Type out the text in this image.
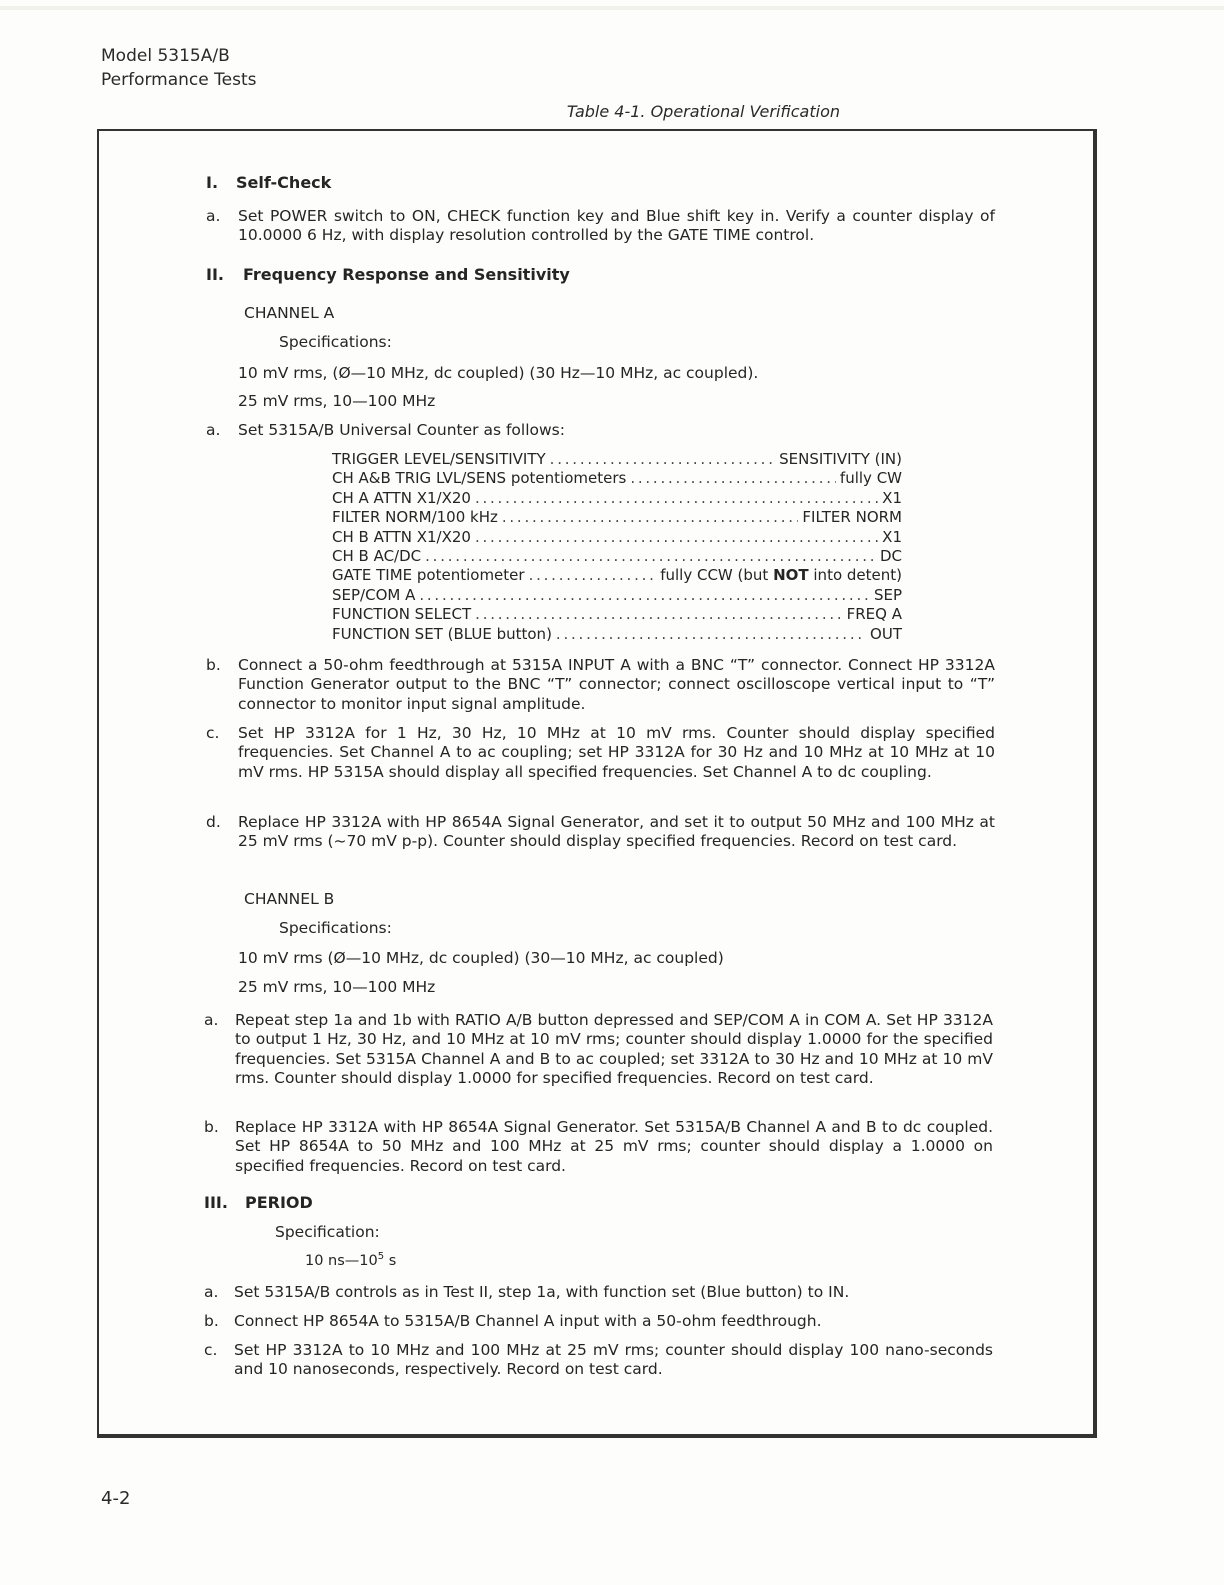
Model 5315A/B
Performance Tests
Table 4-1. Operational Verification
I. Self-Check
a. Set POWER switch to ON, CHECK function key and Blue shift key in. Verify a counter display of 10.0000 6 Hz, with display resolution controlled by the GATE TIME control.
II. Frequency Response and Sensitivity
CHANNEL A
Specifications:
10 mV rms, (Ø—10 MHz, dc coupled) (30 Hz—10 MHz, ac coupled).
25 mV rms, 10—100 MHz
a. Set 5315A/B Universal Counter as follows:
TRIGGER LEVEL/SENSITIVITY . . .	SENSITIVITY (IN)
CH A&B TRIG LVL/SENS potentiometers . . .	fully CW
CH A ATTN X1/X20 . . .	X1
FILTER NORM/100 kHz . . .	FILTER NORM
CH B ATTN X1/X20 . . .	X1
CH B AC/DC . . .	DC
GATE TIME potentiometer . . .	fully CCW (but NOT into detent)
SEP/COM A . . .	SEP
FUNCTION SELECT . . .	FREQ A
FUNCTION SET (BLUE button) . . .	OUT
b. Connect a 50-ohm feedthrough at 5315A INPUT A with a BNC “T” connector. Connect HP 3312A Function Generator output to the BNC “T” connector; connect oscilloscope vertical input to “T” connector to monitor input signal amplitude.
c. Set HP 3312A for 1 Hz, 30 Hz, 10 MHz at 10 mV rms. Counter should display specified frequencies. Set Channel A to ac coupling; set HP 3312A for 30 Hz and 10 MHz at 10 MHz at 10 mV rms. HP 5315A should display all specified frequencies. Set Channel A to dc coupling.
d. Replace HP 3312A with HP 8654A Signal Generator, and set it to output 50 MHz and 100 MHz at 25 mV rms (~70 mV p-p). Counter should display specified frequencies. Record on test card.
CHANNEL B
Specifications:
10 mV rms (Ø—10 MHz, dc coupled) (30—10 MHz, ac coupled)
25 mV rms, 10—100 MHz
a. Repeat step 1a and 1b with RATIO A/B button depressed and SEP/COM A in COM A. Set HP 3312A to output 1 Hz, 30 Hz, and 10 MHz at 10 mV rms; counter should display 1.0000 for the specified frequencies. Set 5315A Channel A and B to ac coupled; set 3312A to 30 Hz and 10 MHz at 10 mV rms. Counter should display 1.0000 for specified frequencies. Record on test card.
b. Replace HP 3312A with HP 8654A Signal Generator. Set 5315A/B Channel A and B to dc coupled. Set HP 8654A to 50 MHz and 100 MHz at 25 mV rms; counter should display a 1.0000 on specified frequencies. Record on test card.
III. PERIOD
Specification:
10 $ns—10^5$ s
a. Set 5315A/B controls as in Test II, step 1a, with function set (Blue button) to IN.
b. Connect HP 8654A to 5315A/B Channel A input with a 50-ohm feedthrough.
c. Set HP 3312A to 10 MHz and 100 MHz at 25 mV rms; counter should display 100 nano-seconds and 10 nanoseconds, respectively. Record on test card.
4-2
